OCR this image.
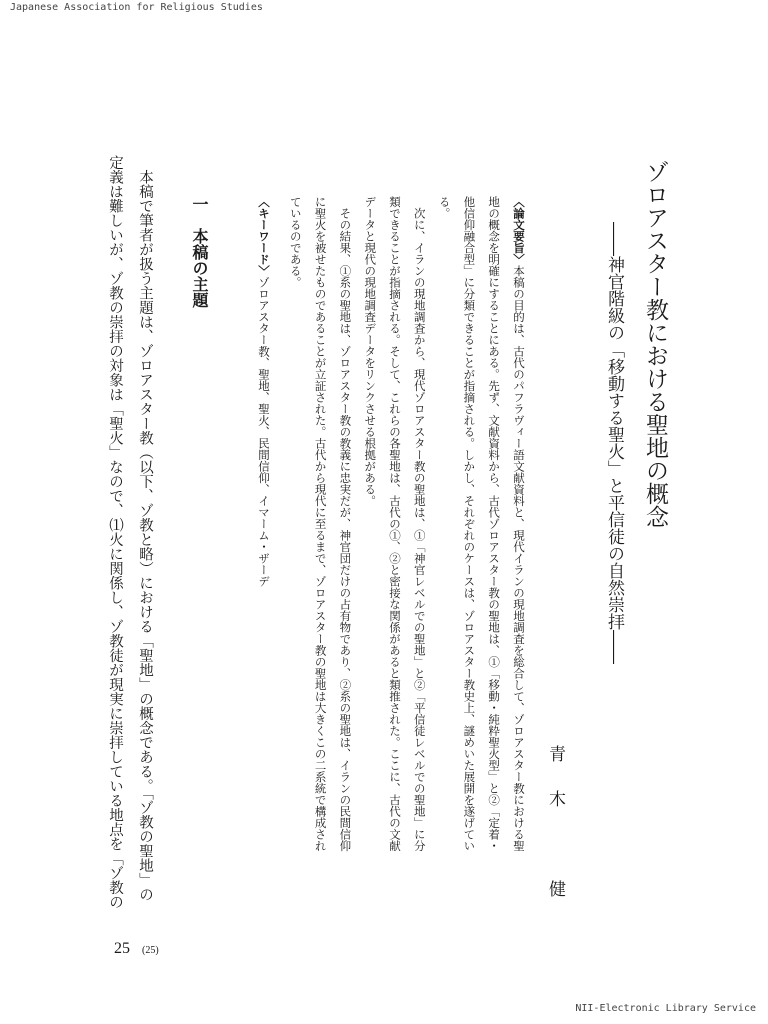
Japanese Association for Religious Studies
ゾロアスター教における聖地の概念
――神官階級の「移動する聖火」と平信徒の自然崇拝――
青木　健
〈論文要旨〉本稿の目的は、古代のパフラヴィー語文献資料と、現代イランの現地調査を総合して、ゾロアスター教における聖
地の概念を明確にすることにある。先ず、文献資料から、古代ゾロアスター教の聖地は、①「移動・純粋聖火型」と②「定着・
他信仰融合型」に分類できることが指摘される。しかし、それぞれのケースは、ゾロアスター教史上、謎めいた展開を遂げてい
る。
　次に、イランの現地調査から、現代ゾロアスター教の聖地は、①「神官レベルでの聖地」と②「平信徒レベルでの聖地」に分
類できることが指摘される。そして、これらの各聖地は、古代の①、②と密接な関係があると類推された。ここに、古代の文献
データと現代の現地調査データをリンクさせる根拠がある。
　その結果、①系の聖地は、ゾロアスター教の教義に忠実だが、神官団だけの占有物であり、②系の聖地は、イランの民間信仰
に聖火を被せたものであることが立証された。古代から現代に至るまで、ゾロアスター教の聖地は大きくこの二系統で構成され
ているのである。
〈キーワード〉ゾロアスター教、聖地、聖火、民間信仰、イマーム・ザーデ
一　本稿の主題
　本稿で筆者が扱う主題は、ゾロアスター教（以下、ゾ教と略）における「聖地」の概念である。「ゾ教の聖地」の
定義は難しいが、ゾ教の崇拝の対象は「聖火」なので、⑴火に関係し、ゾ教徒が現実に崇拝している地点を「ゾ教の
25 (25)
NII-Electronic Library Service
